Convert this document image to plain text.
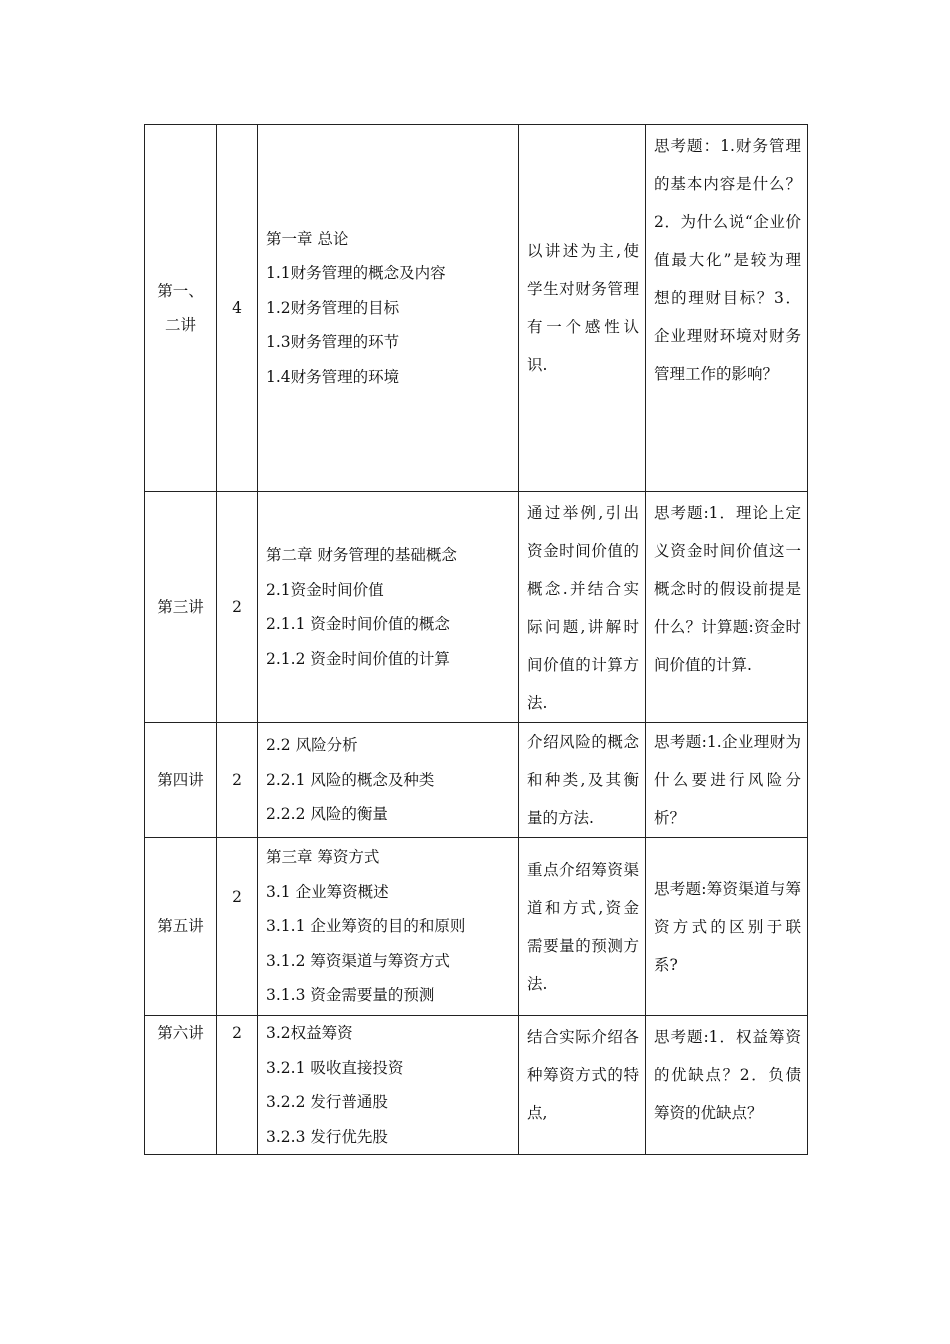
第一、
二讲	4	第一章 总论
1.1财务管理的概念及内容
1.2财务管理的目标
1.3财务管理的环节
1.4财务管理的环境	以讲述为主,使学生对财务管理有一个感性认识.	思考题：1.财务管理的基本内容是什么？2．为什么说“企业价值最大化”是较为理想的理财目标？3．企业理财环境对财务管理工作的影响？

第三讲	2	第二章 财务管理的基础概念
2.1资金时间价值
2.1.1 资金时间价值的概念
2.1.2 资金时间价值的计算	通过举例,引出资金时间价值的概念.并结合实际问题,讲解时间价值的计算方法.	思考题:1．理论上定义资金时间价值这一概念时的假设前提是什么？计算题:资金时间价值的计算.

第四讲	2	2.2 风险分析
2.2.1 风险的概念及种类
2.2.2 风险的衡量	介绍风险的概念和种类,及其衡量的方法.	思考题:1.企业理财为什么要进行风险分析？

第五讲	2	第三章 筹资方式
3.1 企业筹资概述
3.1.1 企业筹资的目的和原则
3.1.2 筹资渠道与筹资方式
3.1.3 资金需要量的预测	重点介绍筹资渠道和方式,资金需要量的预测方法.	思考题:筹资渠道与筹资方式的区别于联系?

第六讲	2	3.2权益筹资
3.2.1 吸收直接投资
3.2.2 发行普通股
3.2.3 发行优先股	结合实际介绍各种筹资方式的特点,	思考题:1．权益筹资的优缺点？2．负债筹资的优缺点？
